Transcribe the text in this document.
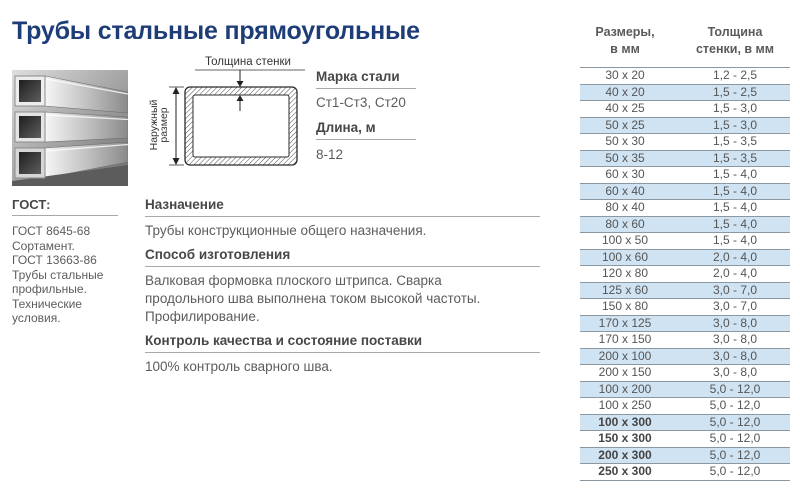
Трубы стальные прямоугольные
Толщина стенки
Наружный
размер
Марка стали
Ст1-Ст3, Ст20
Длина, м
8-12
ГОСТ:
ГОСТ 8645-68
Сортамент.
ГОСТ 13663-86
Трубы стальные
профильные.
Технические
условия.
Назначение
Трубы конструкционные общего назначения.
Способ изготовления
Валковая формовка плоского штрипса. Сварка
продольного шва выполнена током высокой частоты.
Профилирование.
Контроль качества и состояние поставки
100% контроль сварного шва.
Размеры,
в мм
Толщина
стенки, в мм
30 x 20	1,2 - 2,5
40 x 20	1,5 - 2,5
40 x 25	1,5 - 3,0
50 x 25	1,5 - 3,0
50 x 30	1,5 - 3,5
50 x 35	1,5 - 3,5
60 x 30	1,5 - 4,0
60 x 40	1,5 - 4,0
80 x 40	1,5 - 4,0
80 x 60	1,5 - 4,0
100 x 50	1,5 - 4,0
100 x 60	2,0 - 4,0
120 x 80	2,0 - 4,0
125 x 60	3,0 - 7,0
150 x 80	3,0 - 7,0
170 x 125	3,0 - 8,0
170 x 150	3,0 - 8,0
200 x 100	3,0 - 8,0
200 x 150	3,0 - 8,0
100 x 200	5,0 - 12,0
100 x 250	5,0 - 12,0
100 x 300	5,0 - 12,0
150 x 300	5,0 - 12,0
200 x 300	5,0 - 12,0
250 x 300	5,0 - 12,0
